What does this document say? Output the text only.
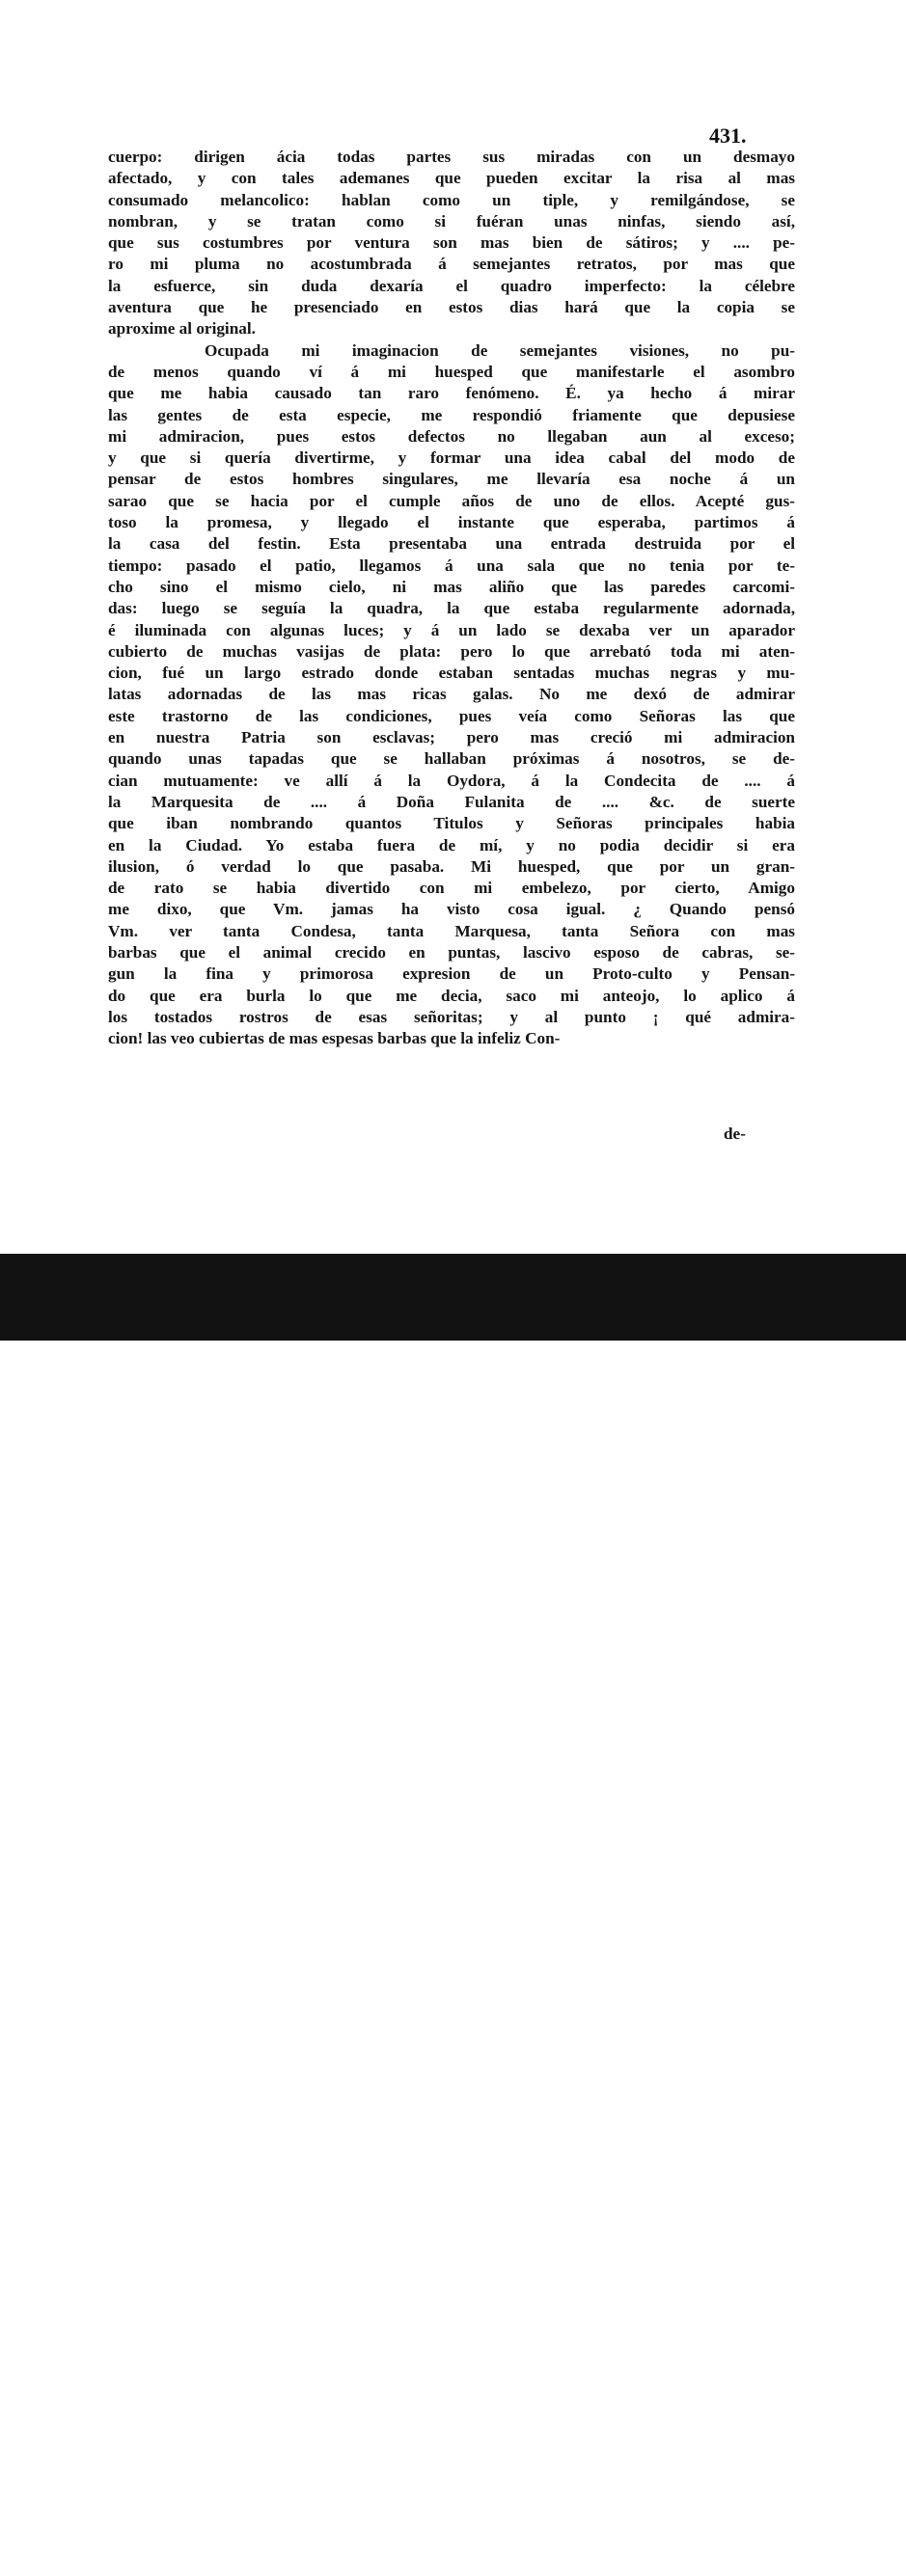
431.
cuerpo: dirigen ácia todas partes sus miradas con un desmayo
afectado, y con tales ademanes que pueden excitar la risa al mas
consumado melancolico: hablan como un tiple, y remilgándose, se
nombran, y se tratan como si fuéran unas ninfas, siendo así,
que sus costumbres por ventura son mas bien de sátiros; y .... pe-
ro mi pluma no acostumbrada á semejantes retratos, por mas que
la esfuerce, sin duda dexaría el quadro imperfecto: la célebre
aventura que he presenciado en estos dias hará que la copia se
aproxime al original.
Ocupada mi imaginacion de semejantes visiones, no pu-
de menos quando ví á mi huesped que manifestarle el asombro
que me habia causado tan raro fenómeno. É. ya hecho á mirar
las gentes de esta especie, me respondió friamente que depusiese
mi admiracion, pues estos defectos no llegaban aun al exceso;
y que si quería divertirme, y formar una idea cabal del modo de
pensar de estos hombres singulares, me llevaría esa noche á un
sarao que se hacia por el cumple años de uno de ellos. Acepté gus-
toso la promesa, y llegado el instante que esperaba, partimos á
la casa del festin. Esta presentaba una entrada destruida por el
tiempo: pasado el patio, llegamos á una sala que no tenia por te-
cho sino el mismo cielo, ni mas aliño que las paredes carcomi-
das: luego se seguía la quadra, la que estaba regularmente adornada,
é iluminada con algunas luces; y á un lado se dexaba ver un aparador
cubierto de muchas vasijas de plata: pero lo que arrebató toda mi aten-
cion, fué un largo estrado donde estaban sentadas muchas negras y mu-
latas adornadas de las mas ricas galas. No me dexó de admirar
este trastorno de las condiciones, pues veía como Señoras las que
en nuestra Patria son esclavas; pero mas creció mi admiracion
quando unas tapadas que se hallaban próximas á nosotros, se de-
cian mutuamente: ve allí á la Oydora, á la Condecita de .... á
la Marquesita de .... á Doña Fulanita de .... &c. de suerte
que iban nombrando quantos Titulos y Señoras principales habia
en la Ciudad. Yo estaba fuera de mí, y no podia decidir si era
ilusion, ó verdad lo que pasaba. Mi huesped, que por un gran-
de rato se habia divertido con mi embelezo, por cierto, Amigo
me dixo, que Vm. jamas ha visto cosa igual. ¿ Quando pensó
Vm. ver tanta Condesa, tanta Marquesa, tanta Señora con mas
barbas que el animal crecido en puntas, lascivo esposo de cabras, se-
gun la fina y primorosa expresion de un Proto-culto y Pensan-
do que era burla lo que me decia, saco mi anteojo, lo aplico á
los tostados rostros de esas señoritas; y al punto ¡ qué admira-
cion! las veo cubiertas de mas espesas barbas que la infeliz Con-
de-
alamy	Image ID: 2YNGBDJ
www.alamy.com
